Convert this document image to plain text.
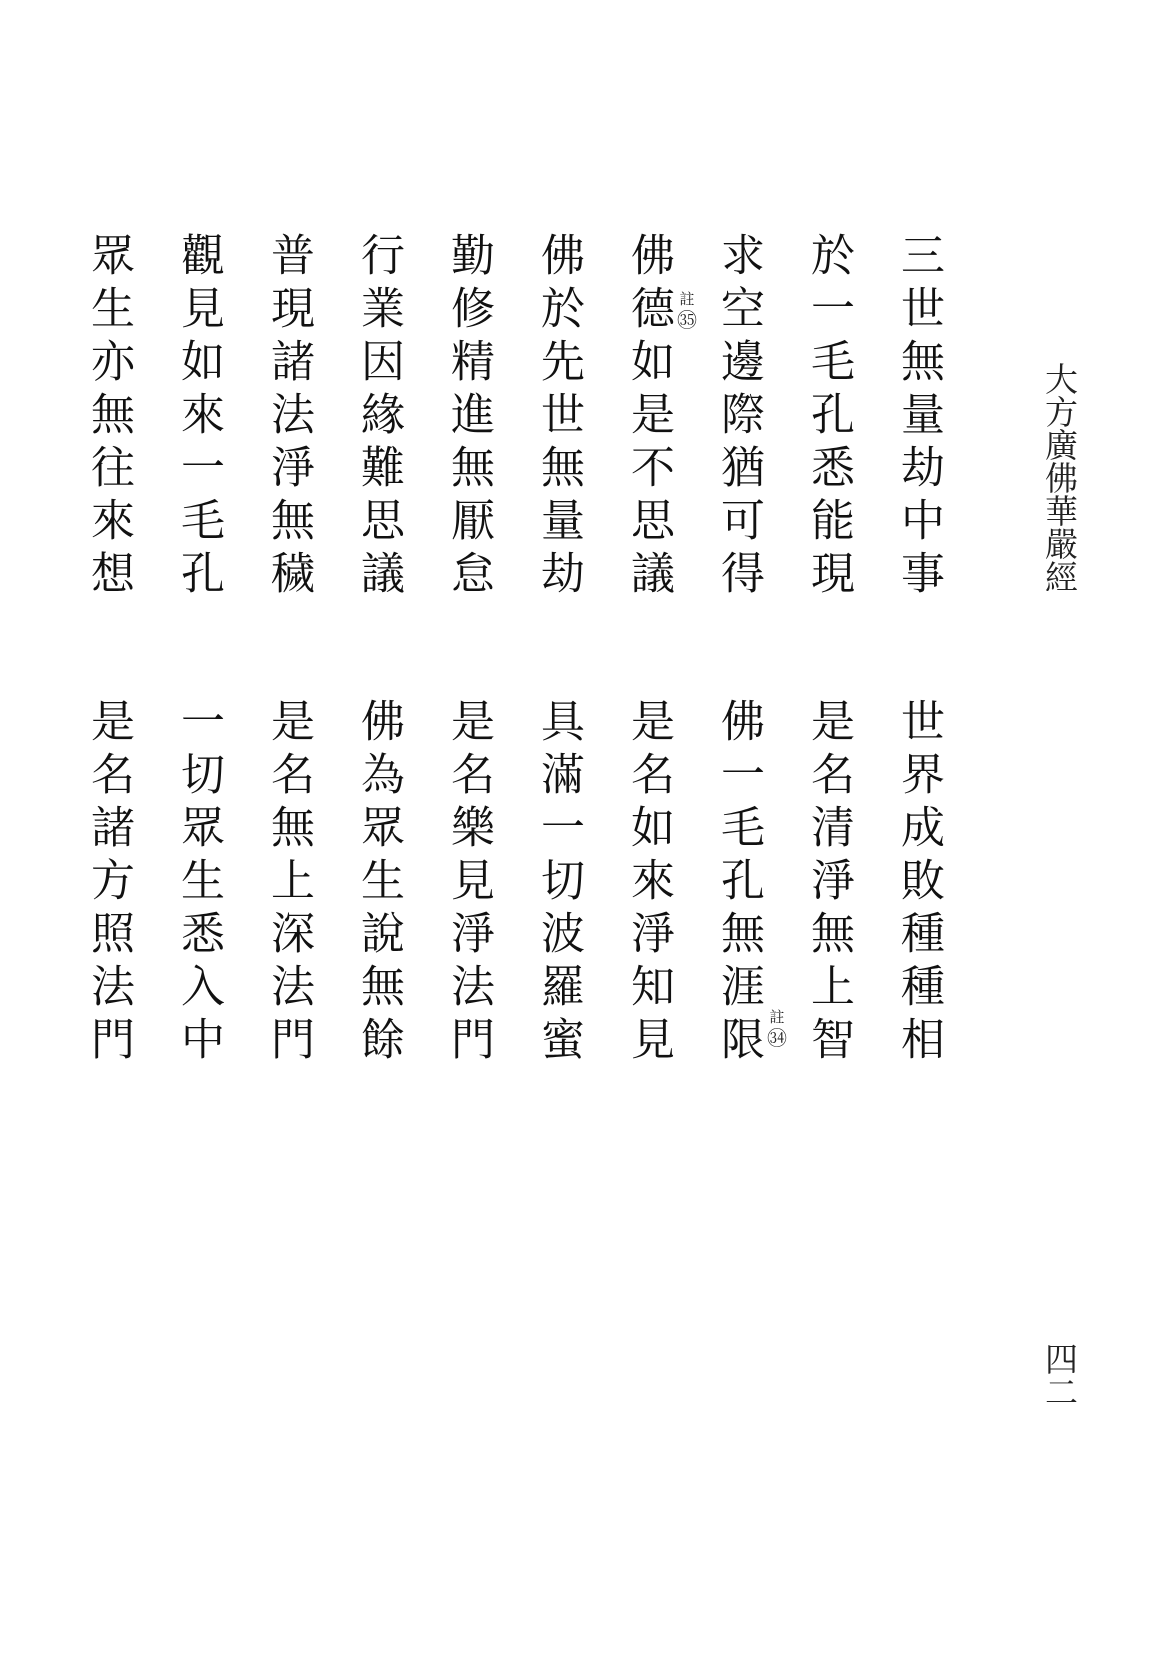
大方廣佛華嚴經
三世無量劫中事
於一毛孔悉能現
求空邊際猶可得
佛德如是不思議
佛於先世無量劫
勤修精進無厭怠
行業因緣難思議
普現諸法淨無穢
觀見如來一毛孔
眾生亦無往來想	註
㉟
世界成敗種種相
是名清淨無上智
佛一毛孔無涯限
是名如來淨知見
具滿一切波羅蜜
是名樂見淨法門
佛為眾生說無餘
是名無上深法門
一切眾生悉入中
是名諸方照法門	註
㉞
四二
